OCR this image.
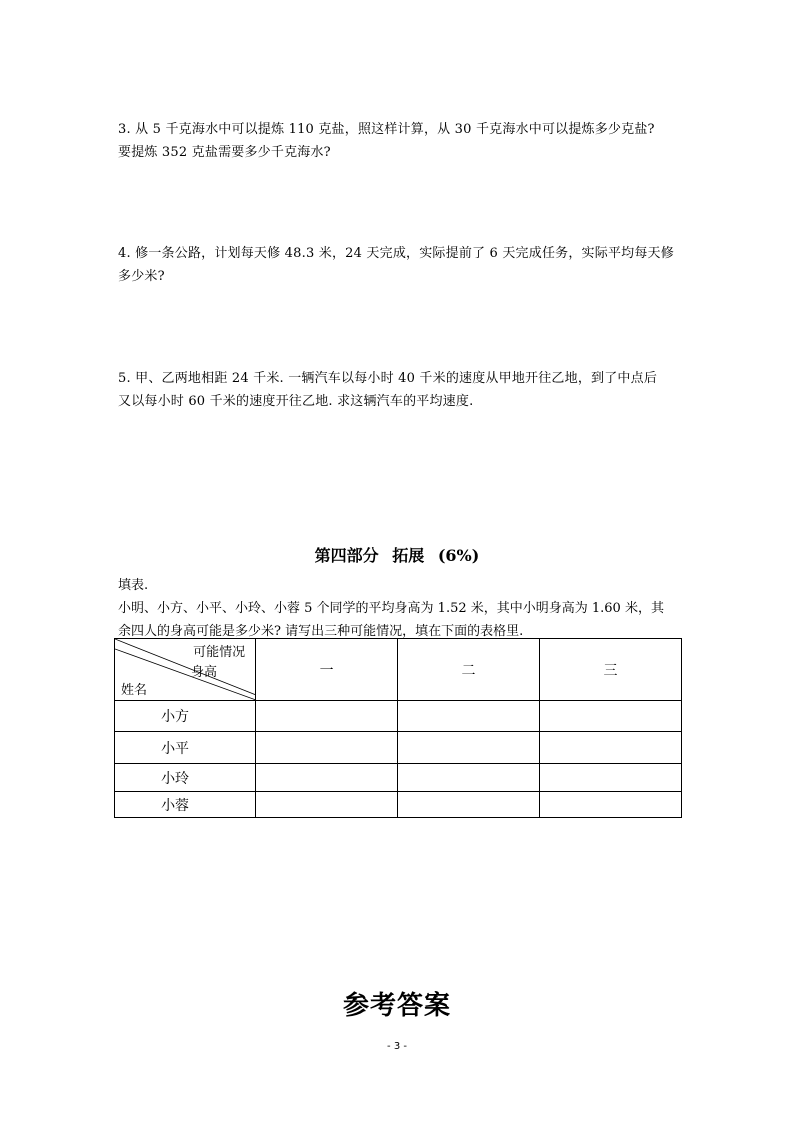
3. 从 5 千克海水中可以提炼 110 克盐，照这样计算，从 30 千克海水中可以提炼多少克盐?

要提炼 352 克盐需要多少千克海水?

4. 修一条公路，计划每天修 48.3 米，24 天完成，实际提前了 6 天完成任务，实际平均每天修

多少米?

5. 甲、乙两地相距 24 千米. 一辆汽车以每小时 40 千米的速度从甲地开往乙地，到了中点后

又以每小时 60 千米的速度开往乙地. 求这辆汽车的平均速度.

第四部分 拓展 (6%)

填表.

小明、小方、小平、小玲、小蓉 5 个同学的平均身高为 1.52 米，其中小明身高为 1.60 米，其

余四人的身高可能是多少米? 请写出三种可能情况，填在下面的表格里.

可能情况
身高
姓名	一	二	三
小方			
小平			
小玲			
小蓉			
参考答案
- 3 -
